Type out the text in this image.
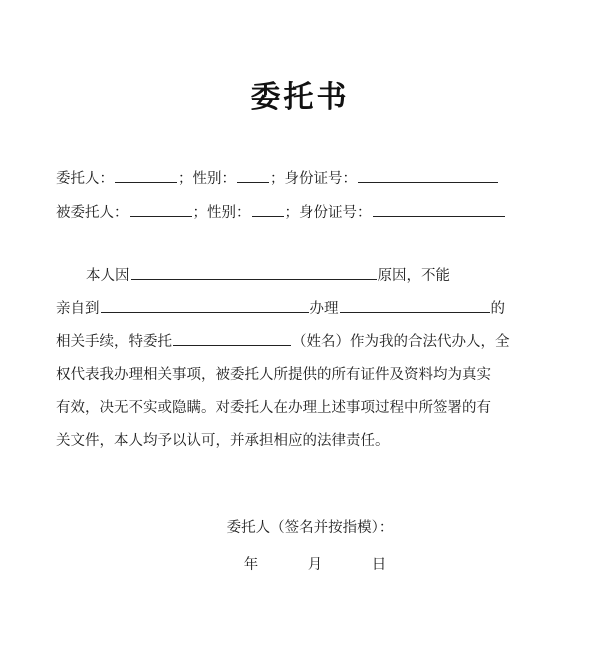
委托书
委托人：	；性别： ；身份证号：
被委托人：	；性别： ；身份证号：
本人因	原因，不能
亲自到	办理	的
相关手续，特委托	（姓名）作为我的合法代办人，全
权代表我办理相关事项，被委托人所提供的所有证件及资料均为真实
有效，决无不实或隐瞒。对委托人在办理上述事项过程中所签署的有
关文件，本人均予以认可，并承担相应的法律责任。
委托人（签名并按指模）：
年	月	日
